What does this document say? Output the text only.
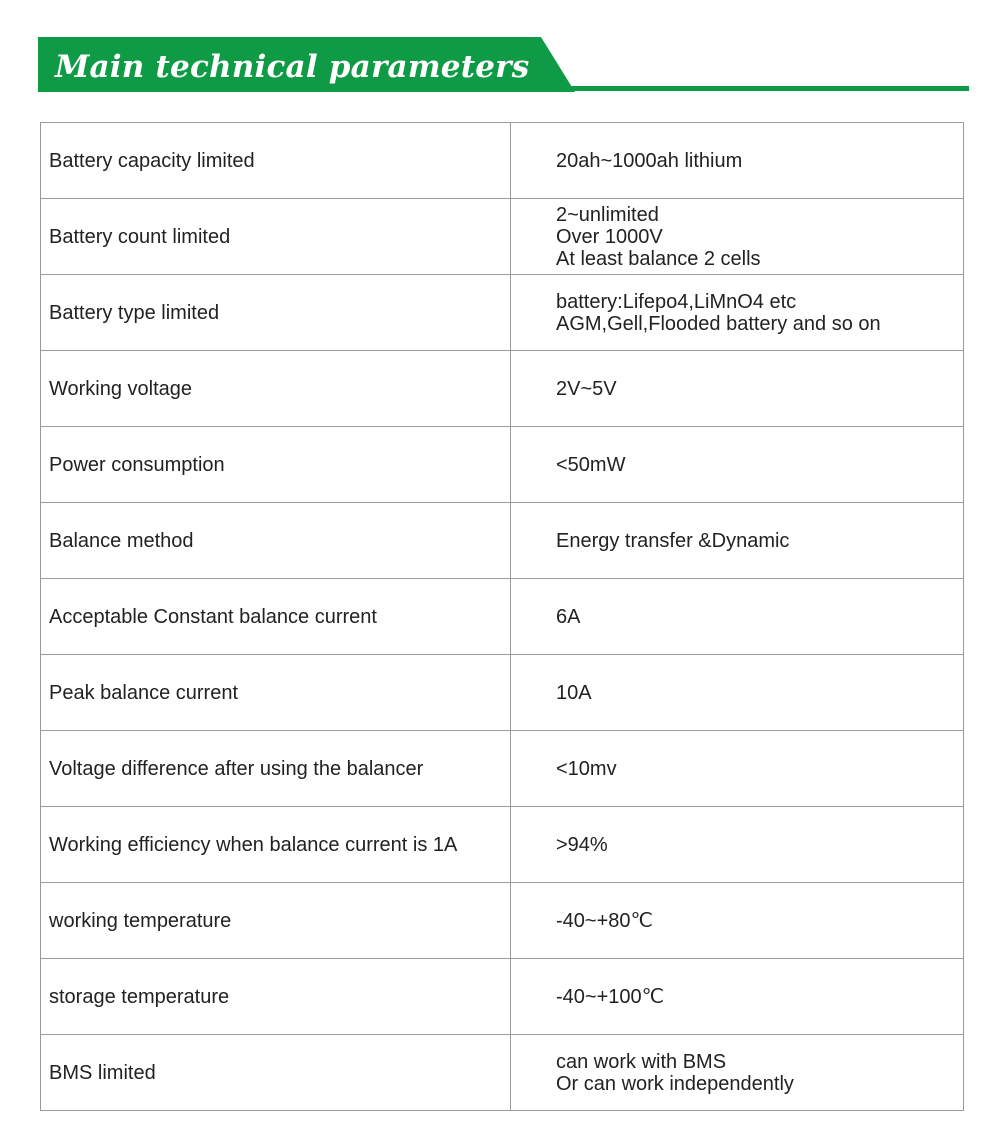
Main technical parameters
Battery capacity limited	20ah~1000ah lithium

Battery count limited	2~unlimited
Over 1000V
At least balance 2 cells

Battery type limited	battery:Lifepo4,LiMnO4 etc
AGM,Gell,Flooded battery and so on

Working voltage	2V~5V

Power consumption	<50mW

Balance method	Energy transfer &Dynamic

Acceptable Constant balance current	6A

Peak balance current	10A

Voltage difference after using the balancer	<10mv

Working efficiency when balance current is 1A	>94%

working temperature	-40~+80℃

storage temperature	-40~+100℃

BMS limited	can work with BMS
Or can work independently
